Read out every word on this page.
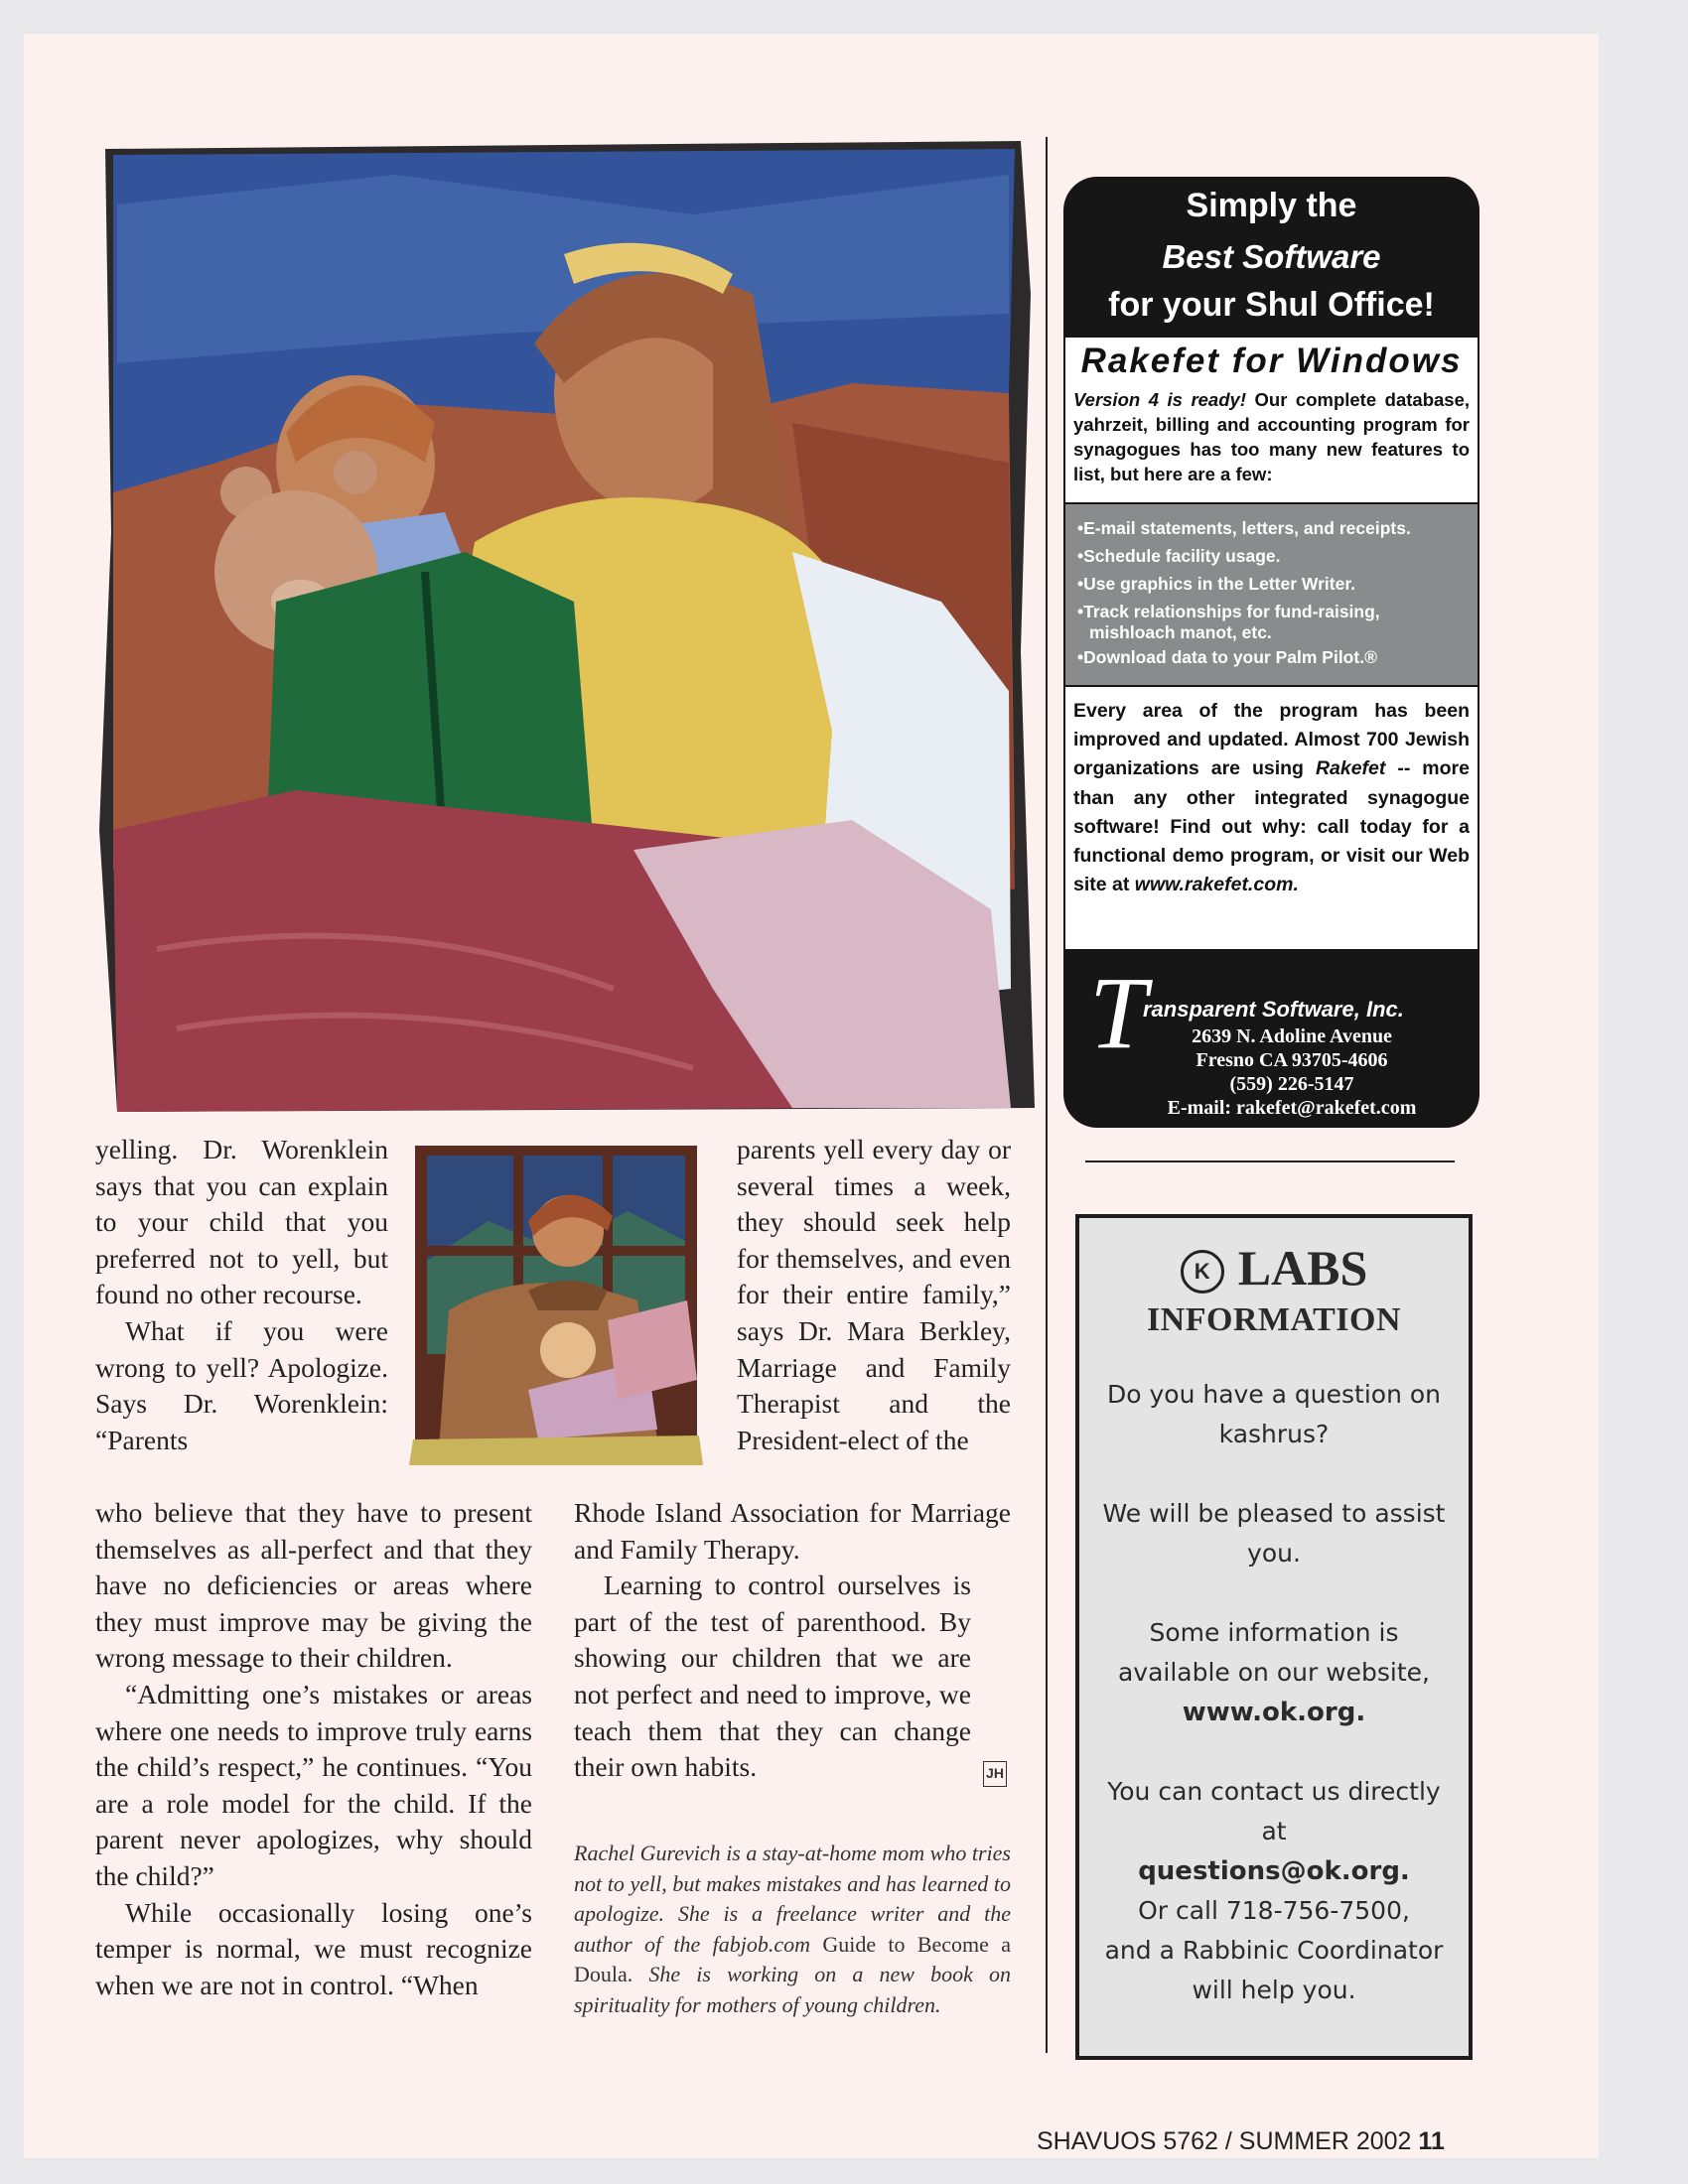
yelling. Dr. Worenklein says that you can explain to your child that you preferred not to yell, but found no other recourse.

What if you were wrong to yell? Apologize. Says Dr. Worenklein: “Parents

who believe that they have to present themselves as all-perfect and that they have no deficiencies or areas where they must improve may be giving the wrong message to their children.

“Admitting one’s mistakes or areas where one needs to improve truly earns the child’s respect,” he continues. “You are a role model for the child. If the parent never apologizes, why should the child?”

While occasionally losing one’s temper is normal, we must recognize when we are not in control. “When

parents yell every day or several times a week, they should seek help for themselves, and even for their entire family,” says Dr. Mara Berkley, Marriage and Family Therapist and the President-elect of the

Rhode Island Association for Marriage and Family Therapy.

Learning to control ourselves is part of the test of parenthood. By showing our children that we are not perfect and need to improve, we teach them that they can change their own habits.	JH

Rachel Gurevich is a stay-at-home mom who tries not to yell, but makes mistakes and has learned to apologize. She is a freelance writer and the author of the fabjob.com Guide to Become a Doula. She is working on a new book on spirituality for mothers of young children.

Simply the
Best Software
for your Shul Office!
Rakefet for Windows
Version 4 is ready! Our complete database, yahrzeit, billing and accounting program for synagogues has too many new features to list, but here are a few:
•E-mail statements, letters, and receipts.
•Schedule facility usage.
•Use graphics in the Letter Writer.
•Track relationships for fund-raising,
mishloach manot, etc.
•Download data to your Palm Pilot.®
Every area of the program has been improved and updated. Almost 700 Jewish organizations are using Rakefet -- more than any other integrated synagogue software! Find out why: call today for a functional demo program, or visit our Web site at www.rakefet.com.
T
ransparent Software, Inc.
2639 N. Adoline Avenue
Fresno CA 93705-4606
(559) 226-5147
E-mail: rakefet@rakefet.com
K LABS
INFORMATION
Do you have a question on kashrus?
We will be pleased to assist you.
Some information is available on our website,
www.ok.org.
You can contact us directly at
questions@ok.org.
Or call 718-756-7500,
and a Rabbinic Coordinator will help you.
SHAVUOS 5762 / SUMMER 2002 11
